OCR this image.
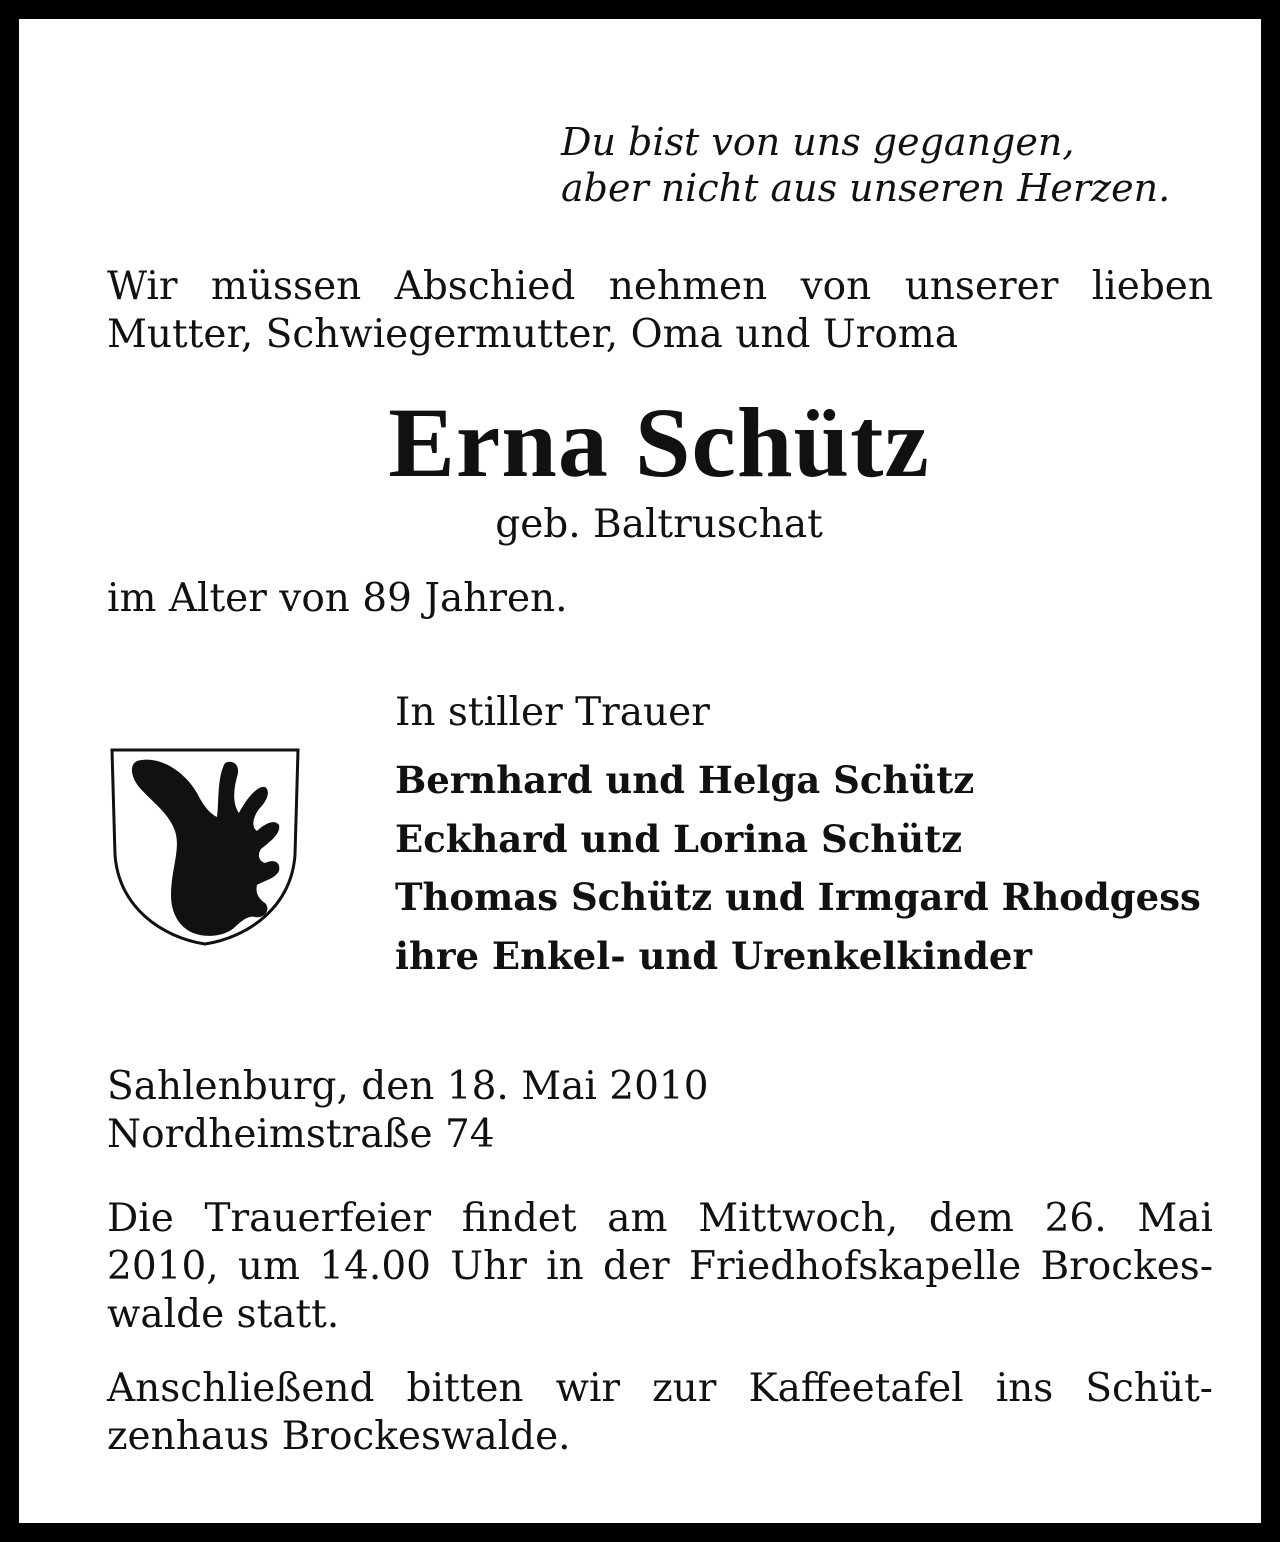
Du bist von uns gegangen,
aber nicht aus unseren Herzen.
Wir müssen Abschied nehmen von unserer lieben
Mutter, Schwiegermutter, Oma und Uroma
Erna Schütz
geb. Baltruschat
im Alter von 89 Jahren.
In stiller Trauer
Bernhard und Helga Schütz
Eckhard und Lorina Schütz
Thomas Schütz und Irmgard Rhodgess
ihre Enkel- und Urenkelkinder
Sahlenburg, den 18. Mai 2010
Nordheimstraße 74
Die Trauerfeier findet am Mittwoch, dem 26. Mai
2010, um 14.00 Uhr in der Friedhofskapelle Brockes-
walde statt.
Anschließend bitten wir zur Kaffeetafel ins Schüt-
zenhaus Brockeswalde.
